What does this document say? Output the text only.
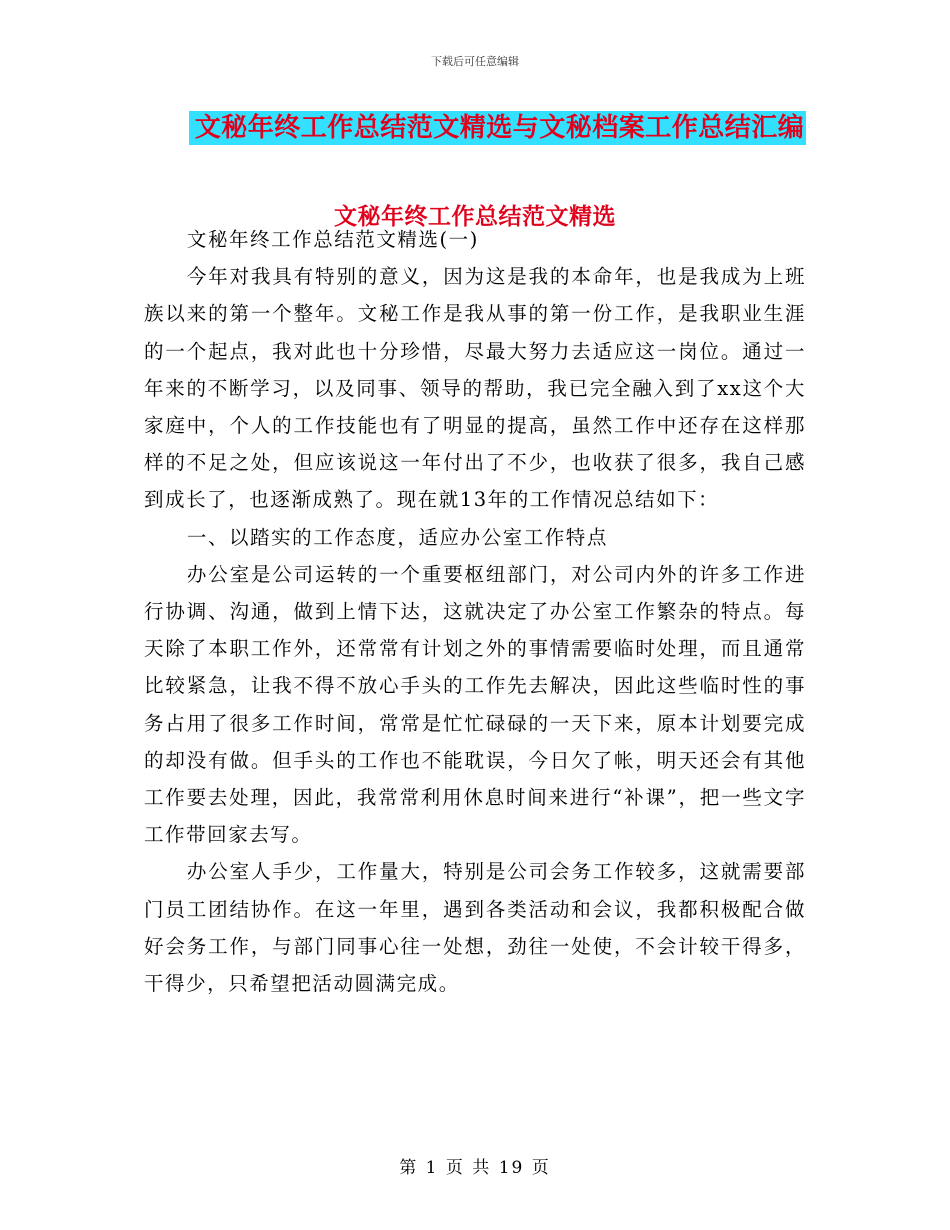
下载后可任意编辑
文秘年终工作总结范文精选与文秘档案工作总结汇编
文秘年终工作总结范文精选

文秘年终工作总结范文精选(一)

今年对我具有特别的意义，因为这是我的本命年，也是我成为上班族以来的第一个整年。文秘工作是我从事的第一份工作，是我职业生涯的一个起点，我对此也十分珍惜，尽最大努力去适应这一岗位。通过一年来的不断学习，以及同事、领导的帮助，我已完全融入到了xx这个大家庭中，个人的工作技能也有了明显的提高，虽然工作中还存在这样那样的不足之处，但应该说这一年付出了不少，也收获了很多，我自己感到成长了，也逐渐成熟了。现在就13年的工作情况总结如下：

一、以踏实的工作态度，适应办公室工作特点

办公室是公司运转的一个重要枢纽部门，对公司内外的许多工作进行协调、沟通，做到上情下达，这就决定了办公室工作繁杂的特点。每天除了本职工作外，还常常有计划之外的事情需要临时处理，而且通常比较紧急，让我不得不放心手头的工作先去解决，因此这些临时性的事务占用了很多工作时间，常常是忙忙碌碌的一天下来，原本计划要完成的却没有做。但手头的工作也不能耽误，今日欠了帐，明天还会有其他工作要去处理，因此，我常常利用休息时间来进行“补课”，把一些文字工作带回家去写。

办公室人手少，工作量大，特别是公司会务工作较多，这就需要部门员工团结协作。在这一年里，遇到各类活动和会议，我都积极配合做好会务工作，与部门同事心往一处想，劲往一处使，不会计较干得多，干得少，只希望把活动圆满完成。

第 1 页 共 19 页
